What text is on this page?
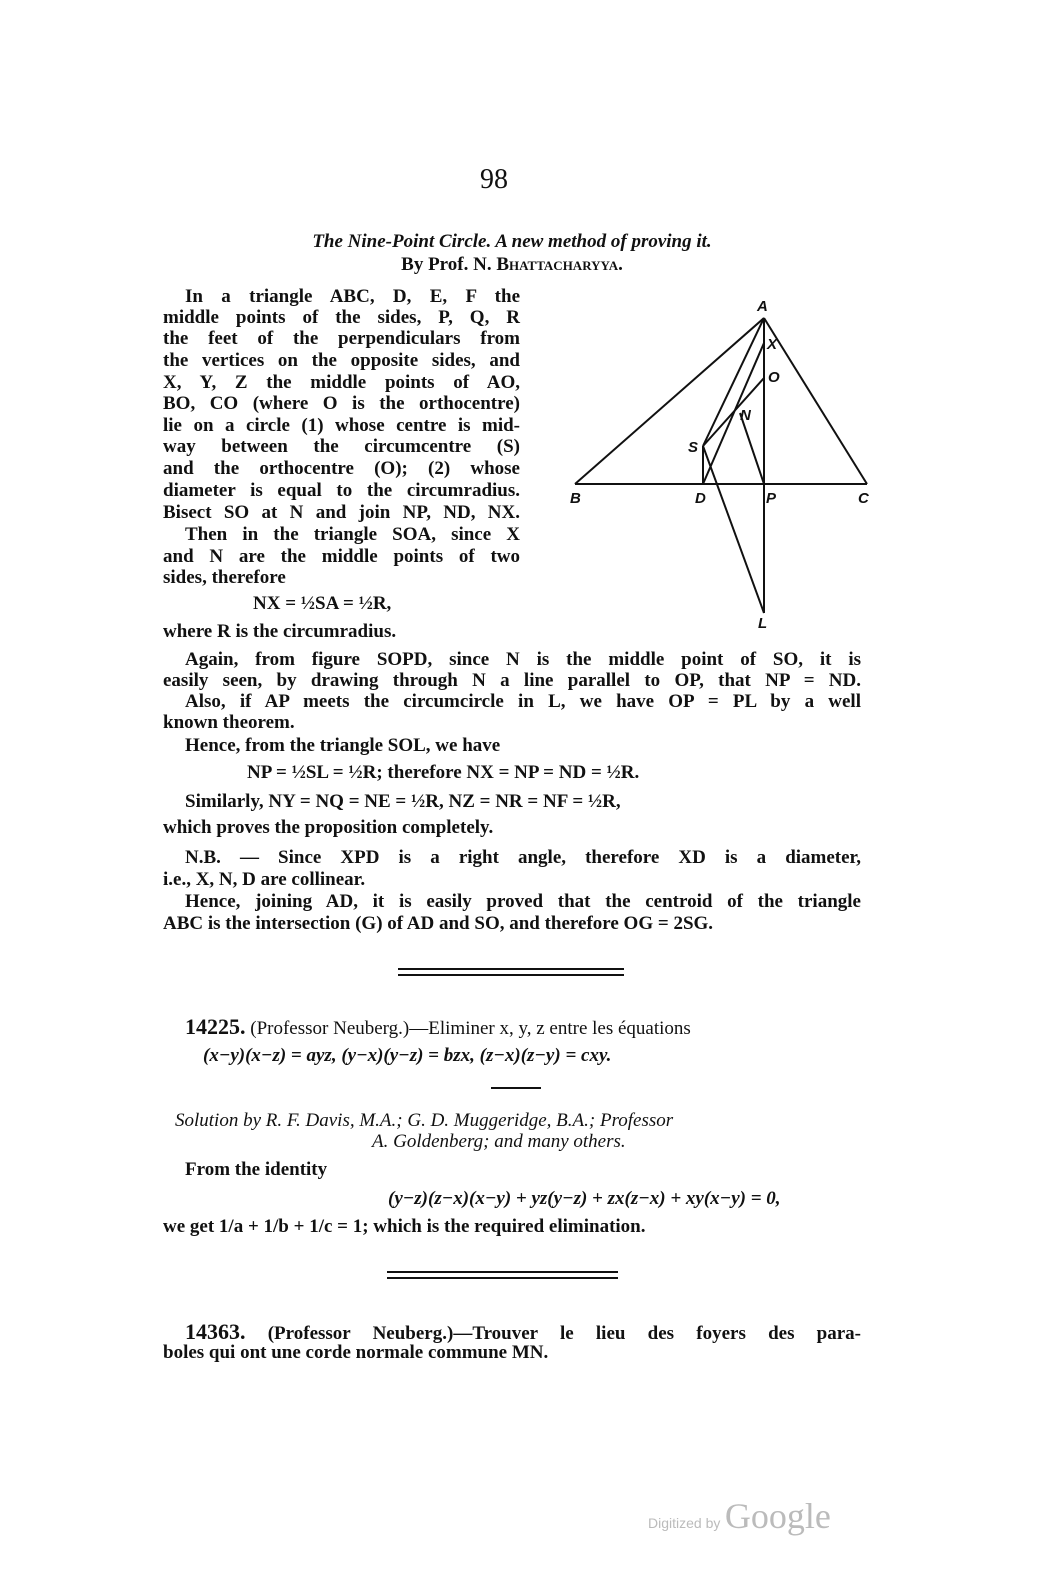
98
The Nine-Point Circle. A new method of proving it.
By Prof. N. Bhattacharyya.
In a triangle ABC, D, E, F the
middle points of the sides, P, Q, R
the feet of the perpendiculars from
the vertices on the opposite sides, and
X, Y, Z the middle points of AO,
BO, CO (where O is the orthocentre)
lie on a circle (1) whose centre is mid-
way between the circumcentre (S)
and the orthocentre (O); (2) whose
diameter is equal to the circumradius.
Bisect SO at N and join NP, ND, NX.
Then in the triangle SOA, since X
and N are the middle points of two
sides, therefore
NX = ½SA = ½R,
where R is the circumradius.
A
X
O
N
S
B	D	P	C
L
Again, from figure SOPD, since N is the middle point of SO, it is
easily seen, by drawing through N a line parallel to OP, that NP = ND.
Also, if AP meets the circumcircle in L, we have OP = PL by a well
known theorem.
Hence, from the triangle SOL, we have
NP = ½SL = ½R; therefore NX = NP = ND = ½R.
Similarly, NY = NQ = NE = ½R, NZ = NR = NF = ½R,
which proves the proposition completely.
N.B. — Since XPD is a right angle, therefore XD is a diameter,
i.e., X, N, D are collinear.
Hence, joining AD, it is easily proved that the centroid of the triangle
ABC is the intersection (G) of AD and SO, and therefore OG = 2SG.
14225. (Professor Neuberg.)—Eliminer x, y, z entre les équations
(x−y)(x−z) = ayz, (y−x)(y−z) = bzx, (z−x)(z−y) = cxy.
Solution by R. F. Davis, M.A.; G. D. Muggeridge, B.A.; Professor
A. Goldenberg; and many others.
From the identity
(y−z)(z−x)(x−y) + yz(y−z) + zx(z−x) + xy(x−y) = 0,
we get 1/a + 1/b + 1/c = 1; which is the required elimination.
14363. (Professor Neuberg.)—Trouver le lieu des foyers des para-
boles qui ont une corde normale commune MN.
Digitized by Google
